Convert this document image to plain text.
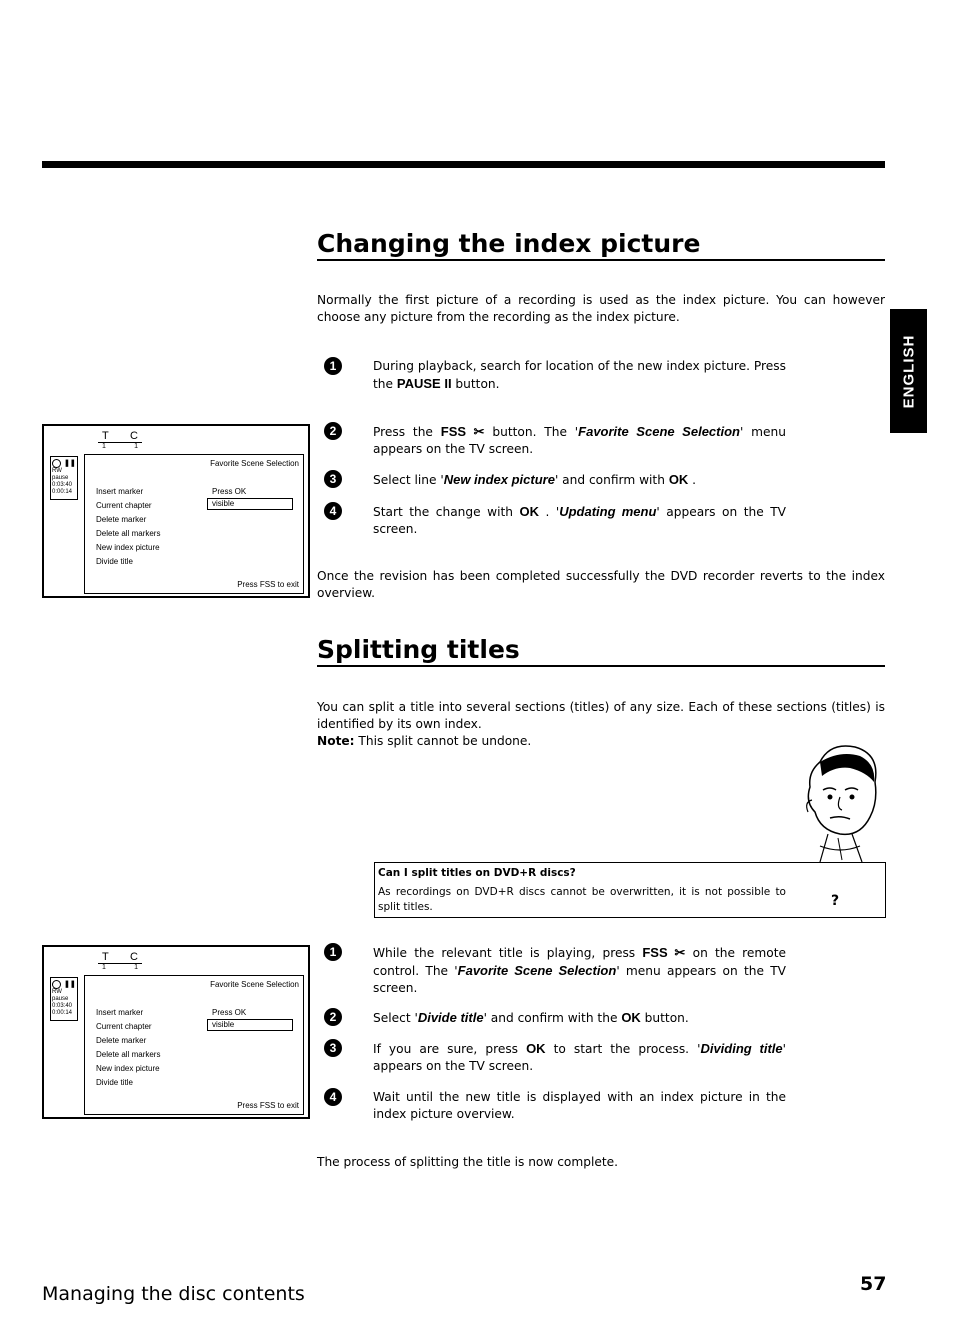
ENGLISH
Changing the index picture

Normally the first picture of a recording is used as the index picture. You can however choose any picture from the recording as the index picture.

1	During playback, search for location of the new index picture. Press the PAUSE II button.

2	Press the FSS ✂ button. The 'Favorite Scene Selection' menu appears on the TV screen.

3	Select line 'New index picture' and confirm with OK .

4	Start the change with OK . 'Updating menu' appears on the TV screen.

Once the revision has been completed successfully the DVD recorder reverts to the index overview.

T C
1	1
❚❚
RW pause
0:03:40
0:00:14
Favorite Scene Selection
Insert marker
Current chapter
Delete marker
Delete all markers
New index picture
Divide title
Press OK
visible
Press FSS to exit
Splitting titles

You can split a title into several sections (titles) of any size. Each of these sections (titles) is identified by its own index.

Note: This split cannot be undone.

Can I split titles on DVD+R discs?
As recordings on DVD+R discs cannot be overwritten, it is not possible to split titles.	?
1	While the relevant title is playing, press FSS ✂ on the remote control. The 'Favorite Scene Selection' menu appears on the TV screen.

2	Select 'Divide title' and confirm with the OK button.

3	If you are sure, press OK to start the process. 'Dividing title' appears on the TV screen.

4	Wait until the new title is displayed with an index picture in the index picture overview.

The process of splitting the title is now complete.

T C
1	1
❚❚
RW pause
0:03:40
0:00:14
Favorite Scene Selection
Insert marker
Current chapter
Delete marker
Delete all markers
New index picture
Divide title
Press OK
visible
Press FSS to exit
Managing the disc contents	57
